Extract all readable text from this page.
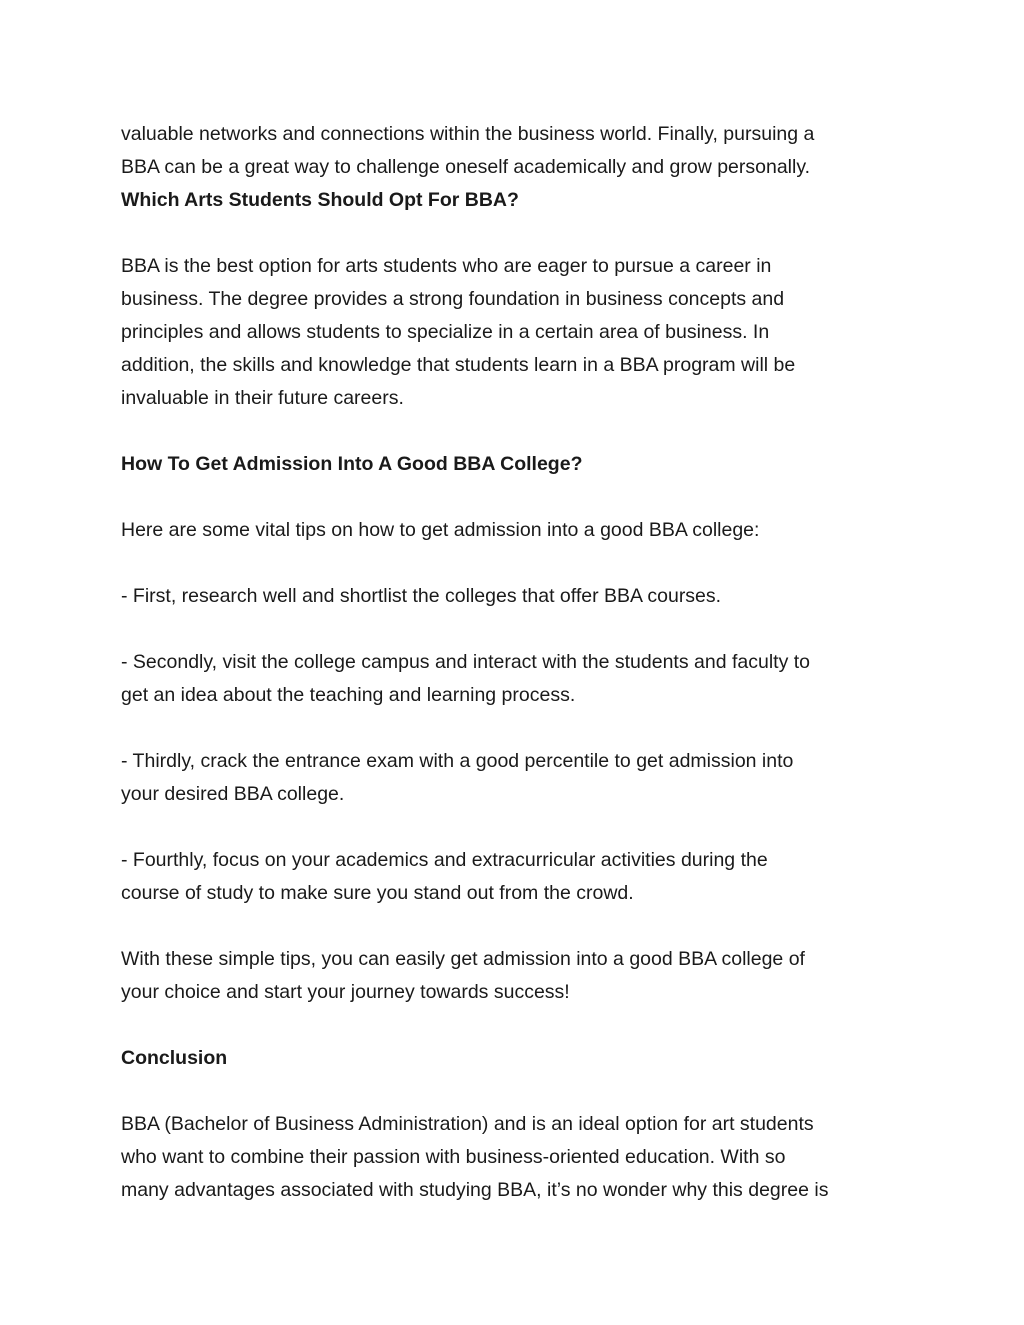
valuable networks and connections within the business world. Finally, pursuing a
BBA can be a great way to challenge oneself academically and grow personally.

Which Arts Students Should Opt For BBA?

BBA is the best option for arts students who are eager to pursue a career in
business. The degree provides a strong foundation in business concepts and
principles and allows students to specialize in a certain area of business. In
addition, the skills and knowledge that students learn in a BBA program will be
invaluable in their future careers.

How To Get Admission Into A Good BBA College?

Here are some vital tips on how to get admission into a good BBA college:

- First, research well and shortlist the colleges that offer BBA courses.

- Secondly, visit the college campus and interact with the students and faculty to
get an idea about the teaching and learning process.

- Thirdly, crack the entrance exam with a good percentile to get admission into
your desired BBA college.

- Fourthly, focus on your academics and extracurricular activities during the
course of study to make sure you stand out from the crowd.

With these simple tips, you can easily get admission into a good BBA college of
your choice and start your journey towards success!

Conclusion

BBA (Bachelor of Business Administration) and is an ideal option for art students
who want to combine their passion with business-oriented education. With so
many advantages associated with studying BBA, it’s no wonder why this degree is
